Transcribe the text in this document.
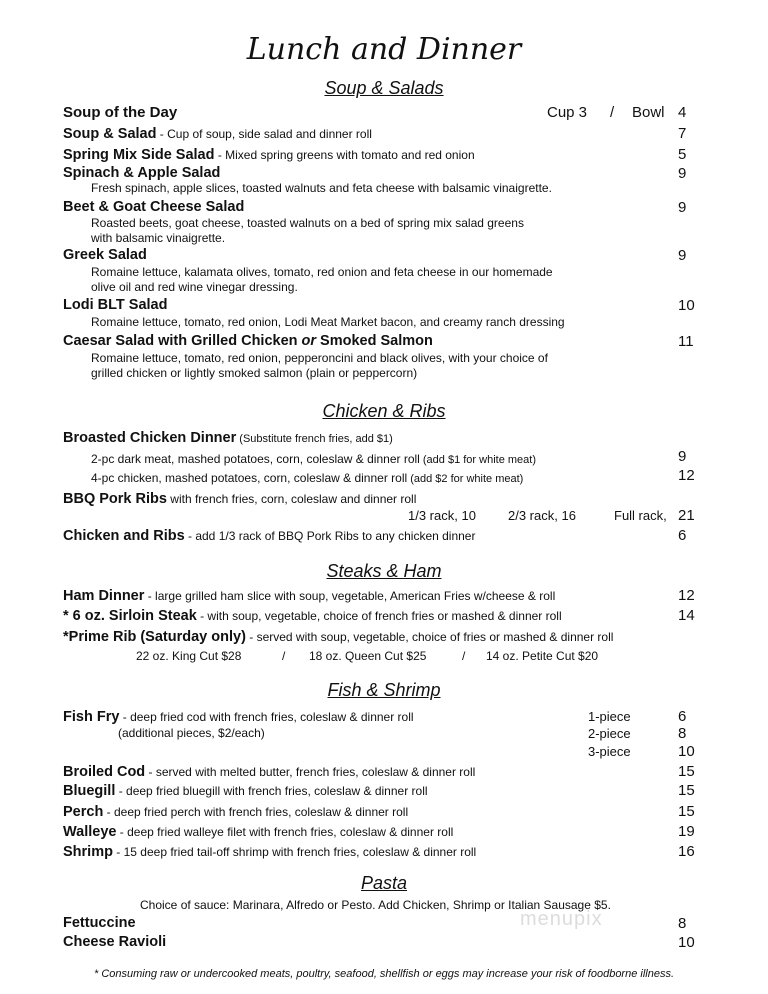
Lunch and Dinner
Soup & Salads
Soup of the Day	Cup 3 / Bowl 4
Soup & Salad - Cup of soup, side salad and dinner roll	7
Spring Mix Side Salad - Mixed spring greens with tomato and red onion	5
Spinach & Apple Salad	9
Fresh spinach, apple slices, toasted walnuts and feta cheese with balsamic vinaigrette.
Beet & Goat Cheese Salad	9
Roasted beets, goat cheese, toasted walnuts on a bed of spring mix salad greens
with balsamic vinaigrette.
Greek Salad	9
Romaine lettuce, kalamata olives, tomato, red onion and feta cheese in our homemade
olive oil and red wine vinegar dressing.
Lodi BLT Salad	10
Romaine lettuce, tomato, red onion, Lodi Meat Market bacon, and creamy ranch dressing
Caesar Salad with Grilled Chicken or Smoked Salmon	11
Romaine lettuce, tomato, red onion, pepperoncini and black olives, with your choice of
grilled chicken or lightly smoked salmon (plain or peppercorn)
Chicken & Ribs
Broasted Chicken Dinner (Substitute french fries, add $1)
2-pc dark meat, mashed potatoes, corn, coleslaw & dinner roll (add $1 for white meat)	9
4-pc chicken, mashed potatoes, corn, coleslaw & dinner roll (add $2 for white meat)	12
BBQ Pork Ribs with french fries, corn, coleslaw and dinner roll
1/3 rack, 10 2/3 rack, 16	Full rack, 21
Chicken and Ribs - add 1/3 rack of BBQ Pork Ribs to any chicken dinner	6
Steaks & Ham
Ham Dinner - large grilled ham slice with soup, vegetable, American Fries w/cheese & roll	12
* 6 oz. Sirloin Steak - with soup, vegetable, choice of french fries or mashed & dinner roll	14
*Prime Rib (Saturday only) - served with soup, vegetable, choice of fries or mashed & dinner roll
22 oz. King Cut $28	/ 18 oz. Queen Cut $25	/ 14 oz. Petite Cut $20
Fish & Shrimp
Fish Fry - deep fried cod with french fries, coleslaw & dinner roll
(additional pieces, $2/each)
1-piece	6
2-piece	8
3-piece	10
Broiled Cod - served with melted butter, french fries, coleslaw & dinner roll	15
Bluegill - deep fried bluegill with french fries, coleslaw & dinner roll	15
Perch - deep fried perch with french fries, coleslaw & dinner roll	15
Walleye - deep fried walleye filet with french fries, coleslaw & dinner roll	19
Shrimp - 15 deep fried tail-off shrimp with french fries, coleslaw & dinner roll	16
Pasta
menupix
Choice of sauce: Marinara, Alfredo or Pesto. Add Chicken, Shrimp or Italian Sausage $5.
Fettuccine	8
Cheese Ravioli	10
* Consuming raw or undercooked meats, poultry, seafood, shellfish or eggs may increase your risk of foodborne illness.
